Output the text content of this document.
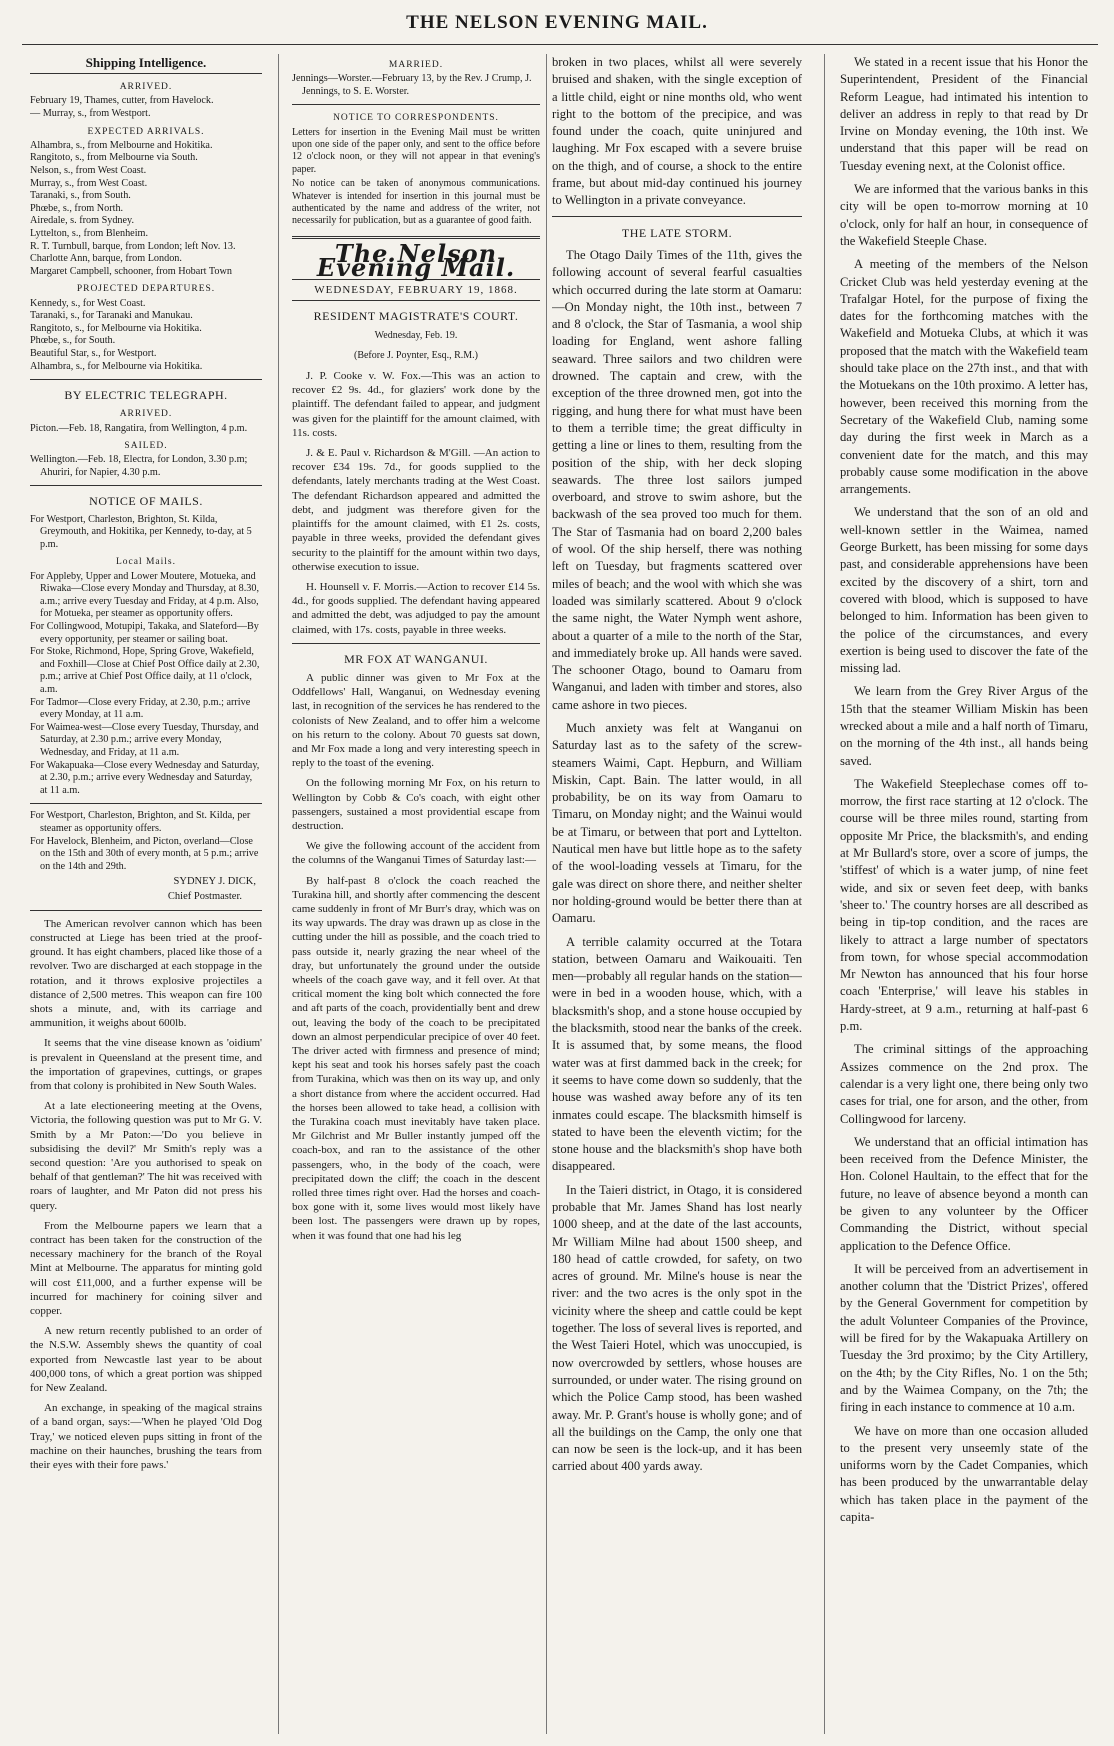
THE NELSON EVENING MAIL.
Shipping Intelligence.
ARRIVED.

February 19, Thames, cutter, from Havelock.

— Murray, s., from Westport.

EXPECTED ARRIVALS.

Alhambra, s., from Melbourne and Hokitika.

Rangitoto, s., from Melbourne via South.

Nelson, s., from West Coast.

Murray, s., from West Coast.

Taranaki, s., from South.

Phœbe, s., from North.

Airedale, s. from Sydney.

Lyttelton, s., from Blenheim.

R. T. Turnbull, barque, from London; left Nov. 13.

Charlotte Ann, barque, from London.

Margaret Campbell, schooner, from Hobart Town

PROJECTED DEPARTURES.

Kennedy, s., for West Coast.

Taranaki, s., for Taranaki and Manukau.

Rangitoto, s., for Melbourne via Hokitika.

Phœbe, s., for South.

Beautiful Star, s., for Westport.

Alhambra, s., for Melbourne via Hokitika.

BY ELECTRIC TELEGRAPH.
ARRIVED.

Picton.—Feb. 18, Rangatira, from Wellington, 4 p.m.

SAILED.

Wellington.—Feb. 18, Electra, for London, 3.30 p.m; Ahuriri, for Napier, 4.30 p.m.

NOTICE OF MAILS.

For Westport, Charleston, Brighton, St. Kilda, Greymouth, and Hokitika, per Kennedy, to-day, at 5 p.m.

Local Mails.

For Appleby, Upper and Lower Moutere, Motueka, and Riwaka—Close every Monday and Thursday, at 8.30, a.m.; arrive every Tuesday and Friday, at 4 p.m. Also, for Motueka, per steamer as opportunity offers.

For Collingwood, Motupipi, Takaka, and Slateford—By every opportunity, per steamer or sailing boat.

For Stoke, Richmond, Hope, Spring Grove, Wakefield, and Foxhill—Close at Chief Post Office daily at 2.30, p.m.; arrive at Chief Post Office daily, at 11 o'clock, a.m.

For Tadmor—Close every Friday, at 2.30, p.m.; arrive every Monday, at 11 a.m.

For Waimea-west—Close every Tuesday, Thursday, and Saturday, at 2.30 p.m.; arrive every Monday, Wednesday, and Friday, at 11 a.m.

For Wakapuaka—Close every Wednesday and Saturday, at 2.30, p.m.; arrive every Wednesday and Saturday, at 11 a.m.

For Westport, Charleston, Brighton, and St. Kilda, per steamer as opportunity offers.

For Havelock, Blenheim, and Picton, overland—Close on the 15th and 30th of every month, at 5 p.m.; arrive on the 14th and 29th.

SYDNEY J. DICK,
Chief Postmaster.

The American revolver cannon which has been constructed at Liege has been tried at the proof-ground. It has eight chambers, placed like those of a revolver. Two are discharged at each stoppage in the rotation, and it throws explosive projectiles a distance of 2,500 metres. This weapon can fire 100 shots a minute, and, with its carriage and ammunition, it weighs about 600lb.

It seems that the vine disease known as 'oidium' is prevalent in Queensland at the present time, and the importation of grapevines, cuttings, or grapes from that colony is prohibited in New South Wales.

At a late electioneering meeting at the Ovens, Victoria, the following question was put to Mr G. V. Smith by a Mr Paton:—'Do you believe in subsidising the devil?' Mr Smith's reply was a second question: 'Are you authorised to speak on behalf of that gentleman?' The hit was received with roars of laughter, and Mr Paton did not press his query.

From the Melbourne papers we learn that a contract has been taken for the construction of the necessary machinery for the branch of the Royal Mint at Melbourne. The apparatus for minting gold will cost £11,000, and a further expense will be incurred for machinery for coining silver and copper.

A new return recently published to an order of the N.S.W. Assembly shews the quantity of coal exported from Newcastle last year to be about 400,000 tons, of which a great portion was shipped for New Zealand.

An exchange, in speaking of the magical strains of a band organ, says:—'When he played 'Old Dog Tray,' we noticed eleven pups sitting in front of the machine on their haunches, brushing the tears from their eyes with their fore paws.'

MARRIED.

Jennings—Worster.—February 13, by the Rev. J Crump, J. Jennings, to S. E. Worster.

NOTICE TO CORRESPONDENTS.

Letters for insertion in the Evening Mail must be written upon one side of the paper only, and sent to the office before 12 o'clock noon, or they will not appear in that evening's paper.

No notice can be taken of anonymous communications. Whatever is intended for insertion in this journal must be authenticated by the name and address of the writer, not necessarily for publication, but as a guarantee of good faith.

The Nelson Evening Mail.
WEDNESDAY, FEBRUARY 19, 1868.
RESIDENT MAGISTRATE'S COURT.
Wednesday, Feb. 19.
(Before J. Poynter, Esq., R.M.)

J. P. Cooke v. W. Fox.—This was an action to recover £2 9s. 4d., for glaziers' work done by the plaintiff. The defendant failed to appear, and judgment was given for the plaintiff for the amount claimed, with 11s. costs.

J. & E. Paul v. Richardson & M'Gill. —An action to recover £34 19s. 7d., for goods supplied to the defendants, lately merchants trading at the West Coast. The defendant Richardson appeared and admitted the debt, and judgment was therefore given for the plaintiffs for the amount claimed, with £1 2s. costs, payable in three weeks, provided the defendant gives security to the plaintiff for the amount within two days, otherwise execution to issue.

H. Hounsell v. F. Morris.—Action to recover £14 5s. 4d., for goods supplied. The defendant having appeared and admitted the debt, was adjudged to pay the amount claimed, with 17s. costs, payable in three weeks.

MR FOX AT WANGANUI.

A public dinner was given to Mr Fox at the Oddfellows' Hall, Wanganui, on Wednesday evening last, in recognition of the services he has rendered to the colonists of New Zealand, and to offer him a welcome on his return to the colony. About 70 guests sat down, and Mr Fox made a long and very interesting speech in reply to the toast of the evening.

On the following morning Mr Fox, on his return to Wellington by Cobb & Co's coach, with eight other passengers, sustained a most providential escape from destruction.

We give the following account of the accident from the columns of the Wanganui Times of Saturday last:—

By half-past 8 o'clock the coach reached the Turakina hill, and shortly after commencing the descent came suddenly in front of Mr Burr's dray, which was on its way upwards. The dray was drawn up as close in the cutting under the hill as possible, and the coach tried to pass outside it, nearly grazing the near wheel of the dray, but unfortunately the ground under the outside wheels of the coach gave way, and it fell over. At that critical moment the king bolt which connected the fore and aft parts of the coach, providentially bent and drew out, leaving the body of the coach to be precipitated down an almost perpendicular precipice of over 40 feet. The driver acted with firmness and presence of mind; kept his seat and took his horses safely past the coach from Turakina, which was then on its way up, and only a short distance from where the accident occurred. Had the horses been allowed to take head, a collision with the Turakina coach must inevitably have taken place. Mr Gilchrist and Mr Buller instantly jumped off the coach-box, and ran to the assistance of the other passengers, who, in the body of the coach, were precipitated down the cliff; the coach in the descent rolled three times right over. Had the horses and coach-box gone with it, some lives would most likely have been lost. The passengers were drawn up by ropes, when it was found that one had his leg

broken in two places, whilst all were severely bruised and shaken, with the single exception of a little child, eight or nine months old, who went right to the bottom of the precipice, and was found under the coach, quite uninjured and laughing. Mr Fox escaped with a severe bruise on the thigh, and of course, a shock to the entire frame, but about mid-day continued his journey to Wellington in a private conveyance.

THE LATE STORM.

The Otago Daily Times of the 11th, gives the following account of several fearful casualties which occurred during the late storm at Oamaru:—On Monday night, the 10th inst., between 7 and 8 o'clock, the Star of Tasmania, a wool ship loading for England, went ashore falling seaward. Three sailors and two children were drowned. The captain and crew, with the exception of the three drowned men, got into the rigging, and hung there for what must have been to them a terrible time; the great difficulty in getting a line or lines to them, resulting from the position of the ship, with her deck sloping seawards. The three lost sailors jumped overboard, and strove to swim ashore, but the backwash of the sea proved too much for them. The Star of Tasmania had on board 2,200 bales of wool. Of the ship herself, there was nothing left on Tuesday, but fragments scattered over miles of beach; and the wool with which she was loaded was similarly scattered. About 9 o'clock the same night, the Water Nymph went ashore, about a quarter of a mile to the north of the Star, and immediately broke up. All hands were saved. The schooner Otago, bound to Oamaru from Wanganui, and laden with timber and stores, also came ashore in two pieces.

Much anxiety was felt at Wanganui on Saturday last as to the safety of the screw-steamers Waimi, Capt. Hepburn, and William Miskin, Capt. Bain. The latter would, in all probability, be on its way from Oamaru to Timaru, on Monday night; and the Wainui would be at Timaru, or between that port and Lyttelton. Nautical men have but little hope as to the safety of the wool-loading vessels at Timaru, for the gale was direct on shore there, and neither shelter nor holding-ground would be better there than at Oamaru.

A terrible calamity occurred at the Totara station, between Oamaru and Waikouaiti. Ten men—probably all regular hands on the station—were in bed in a wooden house, which, with a blacksmith's shop, and a stone house occupied by the blacksmith, stood near the banks of the creek. It is assumed that, by some means, the flood water was at first dammed back in the creek; for it seems to have come down so suddenly, that the house was washed away before any of its ten inmates could escape. The blacksmith himself is stated to have been the eleventh victim; for the stone house and the blacksmith's shop have both disappeared.

In the Taieri district, in Otago, it is considered probable that Mr. James Shand has lost nearly 1000 sheep, and at the date of the last accounts, Mr William Milne had about 1500 sheep, and 180 head of cattle crowded, for safety, on two acres of ground. Mr. Milne's house is near the river: and the two acres is the only spot in the vicinity where the sheep and cattle could be kept together. The loss of several lives is reported, and the West Taieri Hotel, which was unoccupied, is now overcrowded by settlers, whose houses are surrounded, or under water. The rising ground on which the Police Camp stood, has been washed away. Mr. P. Grant's house is wholly gone; and of all the buildings on the Camp, the only one that can now be seen is the lock-up, and it has been carried about 400 yards away.

We stated in a recent issue that his Honor the Superintendent, President of the Financial Reform League, had intimated his intention to deliver an address in reply to that read by Dr Irvine on Monday evening, the 10th inst. We understand that this paper will be read on Tuesday evening next, at the Colonist office.

We are informed that the various banks in this city will be open to-morrow morning at 10 o'clock, only for half an hour, in consequence of the Wakefield Steeple Chase.

A meeting of the members of the Nelson Cricket Club was held yesterday evening at the Trafalgar Hotel, for the purpose of fixing the dates for the forthcoming matches with the Wakefield and Motueka Clubs, at which it was proposed that the match with the Wakefield team should take place on the 27th inst., and that with the Motuekans on the 10th proximo. A letter has, however, been received this morning from the Secretary of the Wakefield Club, naming some day during the first week in March as a convenient date for the match, and this may probably cause some modification in the above arrangements.

We understand that the son of an old and well-known settler in the Waimea, named George Burkett, has been missing for some days past, and considerable apprehensions have been excited by the discovery of a shirt, torn and covered with blood, which is supposed to have belonged to him. Information has been given to the police of the circumstances, and every exertion is being used to discover the fate of the missing lad.

We learn from the Grey River Argus of the 15th that the steamer William Miskin has been wrecked about a mile and a half north of Timaru, on the morning of the 4th inst., all hands being saved.

The Wakefield Steeplechase comes off to-morrow, the first race starting at 12 o'clock. The course will be three miles round, starting from opposite Mr Price, the blacksmith's, and ending at Mr Bullard's store, over a score of jumps, the 'stiffest' of which is a water jump, of nine feet wide, and six or seven feet deep, with banks 'sheer to.' The country horses are all described as being in tip-top condition, and the races are likely to attract a large number of spectators from town, for whose special accommodation Mr Newton has announced that his four horse coach 'Enterprise,' will leave his stables in Hardy-street, at 9 a.m., returning at half-past 6 p.m.

The criminal sittings of the approaching Assizes commence on the 2nd prox. The calendar is a very light one, there being only two cases for trial, one for arson, and the other, from Collingwood for larceny.

We understand that an official intimation has been received from the Defence Minister, the Hon. Colonel Haultain, to the effect that for the future, no leave of absence beyond a month can be given to any volunteer by the Officer Commanding the District, without special application to the Defence Office.

It will be perceived from an advertisement in another column that the 'District Prizes', offered by the General Government for competition by the adult Volunteer Companies of the Province, will be fired for by the Wakapuaka Artillery on Tuesday the 3rd proximo; by the City Artillery, on the 4th; by the City Rifles, No. 1 on the 5th; and by the Waimea Company, on the 7th; the firing in each instance to commence at 10 a.m.

We have on more than one occasion alluded to the present very unseemly state of the uniforms worn by the Cadet Companies, which has been produced by the unwarrantable delay which has taken place in the payment of the capita-
